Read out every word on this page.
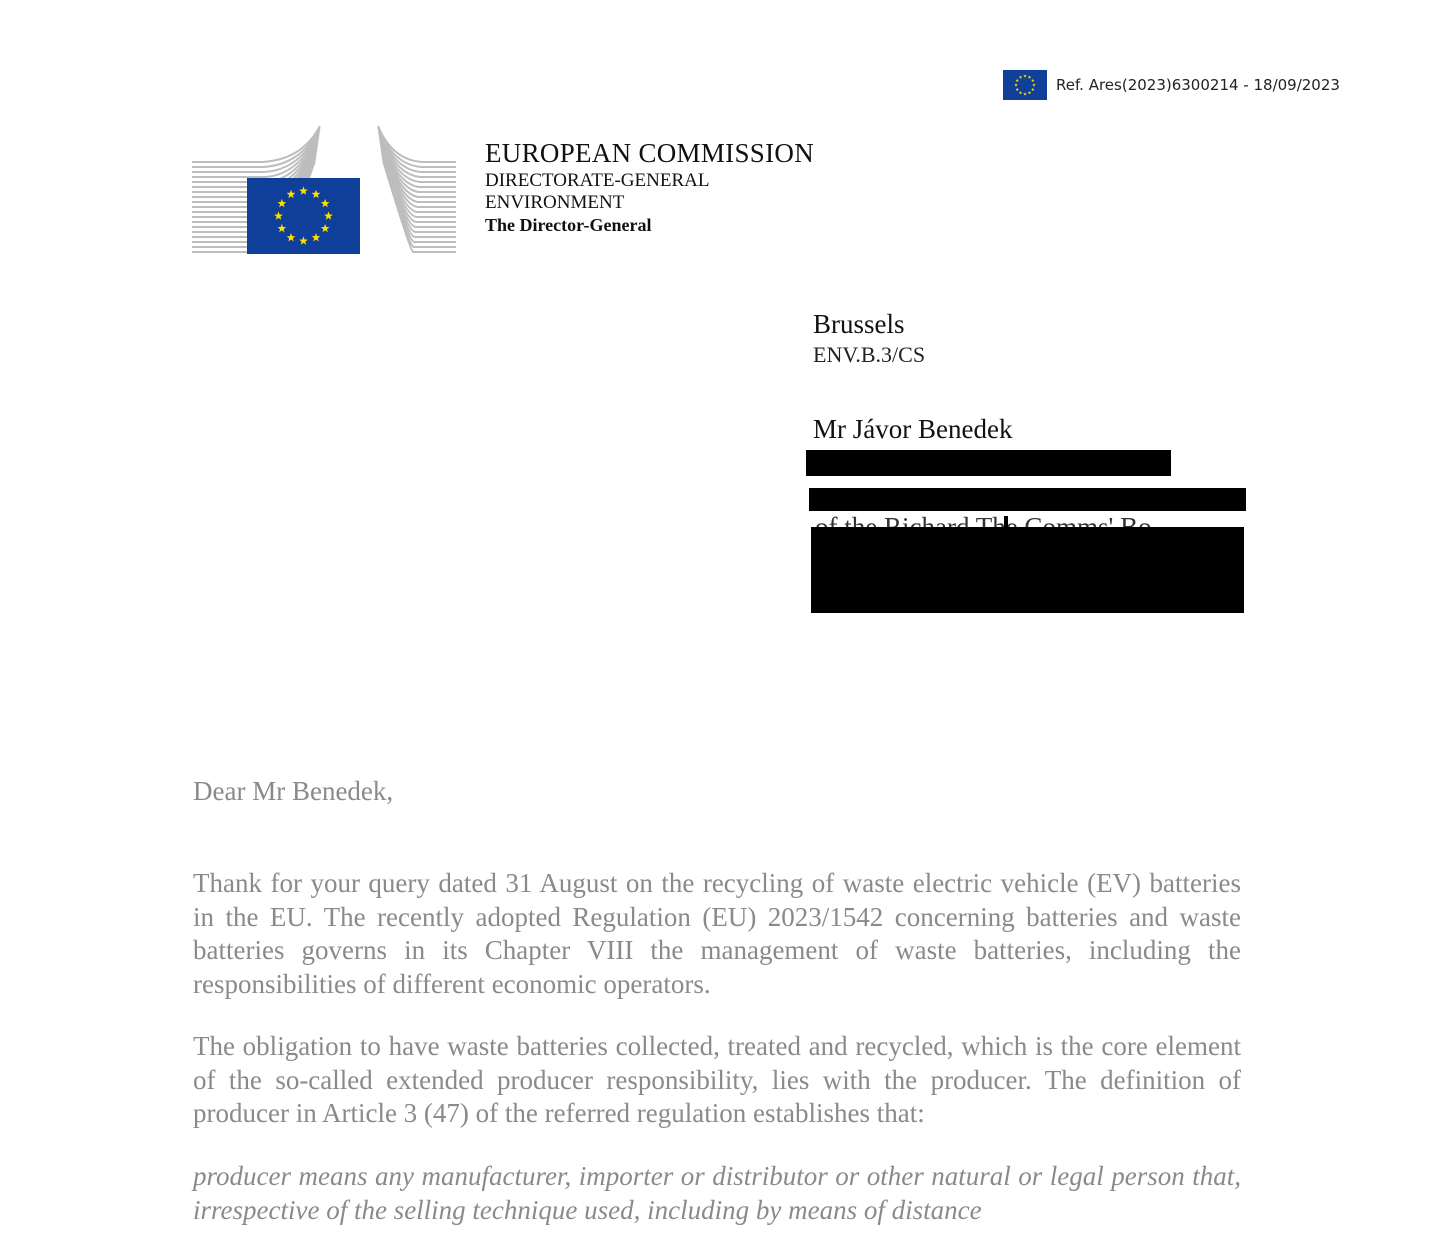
Ref. Ares(2023)6300214 - 18/09/2023
EUROPEAN COMMISSION
DIRECTORATE-GENERAL
ENVIRONMENT
The Director-General
Brussels
ENV.B.3/CS
Mr Jávor Benedek
Dear Mr Benedek,
Thank for your query dated 31 August on the recycling of waste electric vehicle (EV) batteries in the EU. The recently adopted Regulation (EU) 2023/1542 concerning batteries and waste batteries governs in its Chapter VIII the management of waste batteries, including the responsibilities of different economic operators.
The obligation to have waste batteries collected, treated and recycled, which is the core element of the so-called extended producer responsibility, lies with the producer. The definition of producer in Article 3 (47) of the referred regulation establishes that:
producer means any manufacturer, importer or distributor or other natural or legal person that, irrespective of the selling technique used, including by means of distance
